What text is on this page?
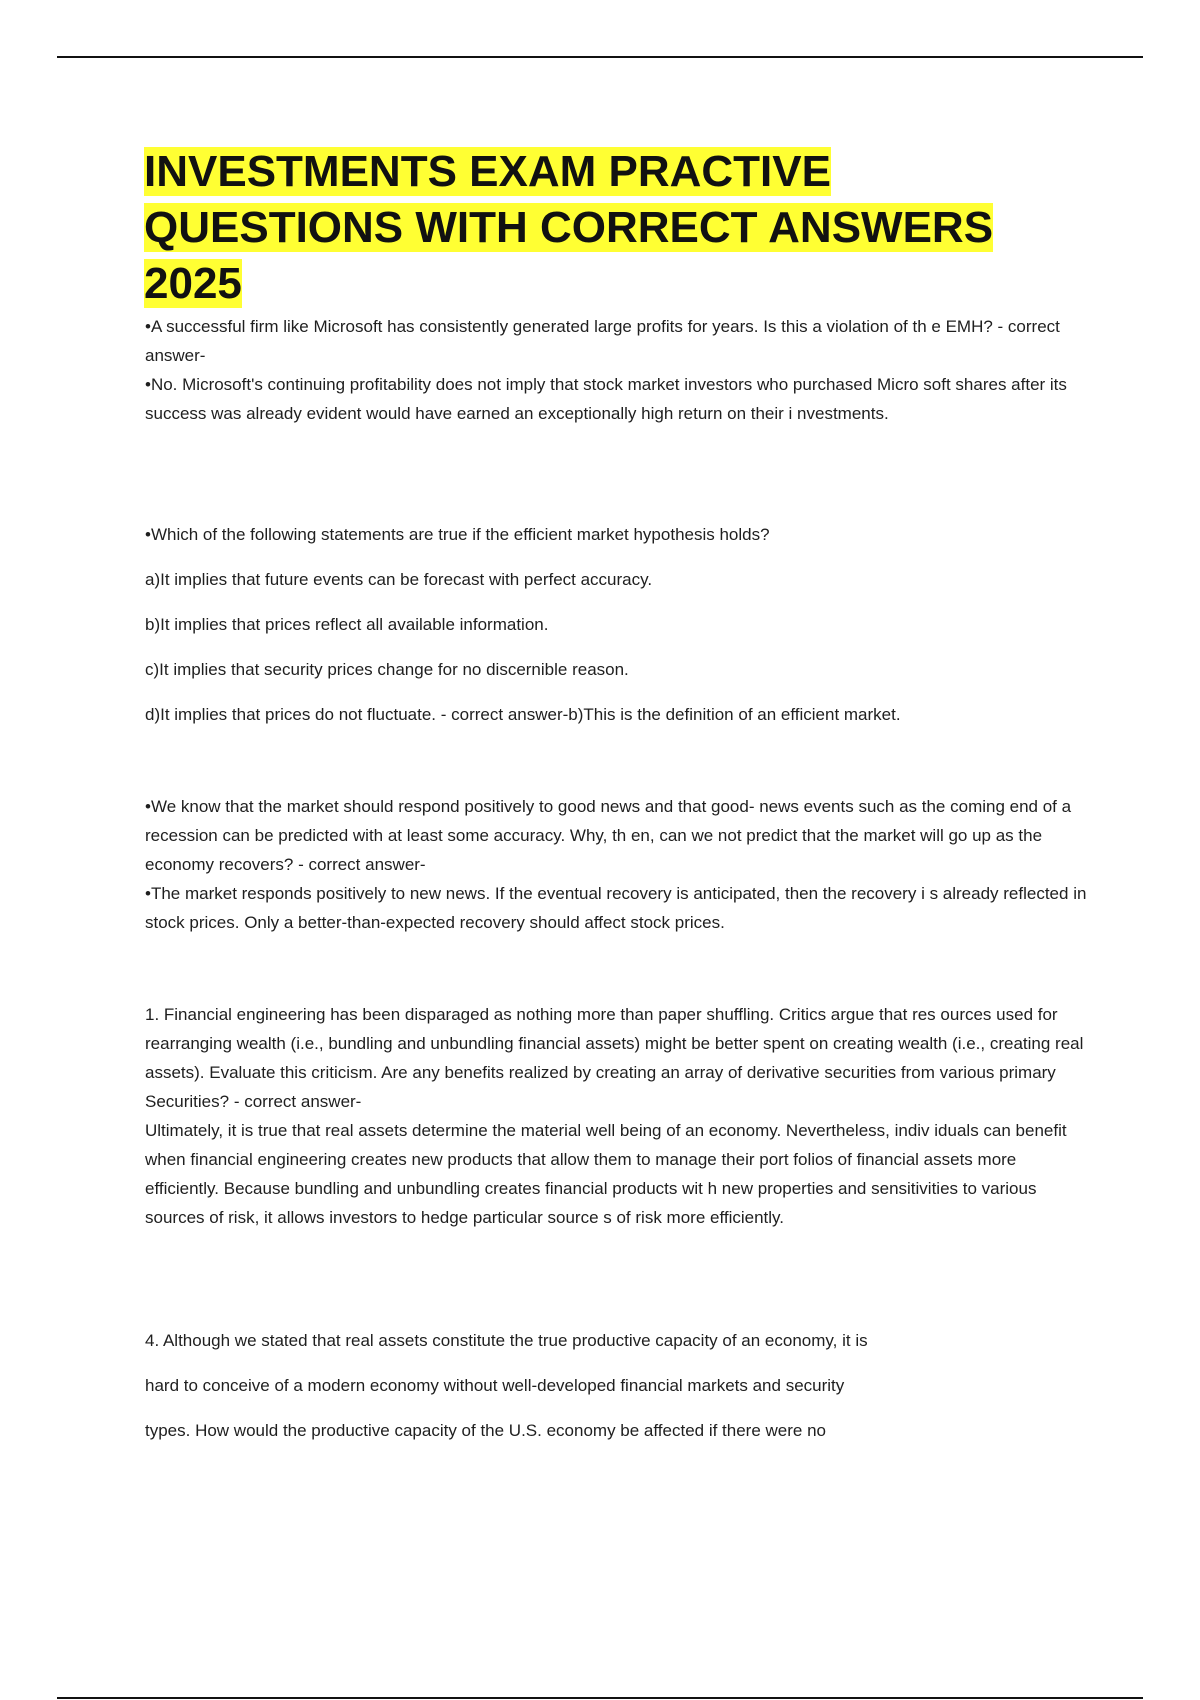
INVESTMENTS EXAM PRACTIVE QUESTIONS WITH CORRECT ANSWERS 2025

•A successful firm like Microsoft has consistently generated large profits for years. Is this a violation of th e EMH? - correct answer-

•No. Microsoft's continuing profitability does not imply that stock market investors who purchased Micro soft shares after its success was already evident would have earned an exceptionally high return on their i nvestments.

•Which of the following statements are true if the efficient market hypothesis holds?

a)It implies that future events can be forecast with perfect accuracy.

b)It implies that prices reflect all available information.

c)It implies that security prices change for no discernible reason.

d)It implies that prices do not fluctuate. - correct answer-b)This is the definition of an efficient market.

•We know that the market should respond positively to good news and that good- news events such as the coming end of a recession can be predicted with at least some accuracy. Why, th en, can we not predict that the market will go up as the economy recovers? - correct answer-

•The market responds positively to new news. If the eventual recovery is anticipated, then the recovery i s already reflected in stock prices. Only a better-than-expected recovery should affect stock prices.

1. Financial engineering has been disparaged as nothing more than paper shuffling. Critics argue that res ources used for rearranging wealth (i.e., bundling and unbundling financial assets) might be better spent on creating wealth (i.e., creating real assets). Evaluate this criticism. Are any benefits realized by creating an array of derivative securities from various primary Securities? - correct answer-

Ultimately, it is true that real assets determine the material well being of an economy. Nevertheless, indiv iduals can benefit when financial engineering creates new products that allow them to manage their port folios of financial assets more efficiently. Because bundling and unbundling creates financial products wit h new properties and sensitivities to various sources of risk, it allows investors to hedge particular source s of risk more efficiently.

4. Although we stated that real assets constitute the true productive capacity of an economy, it is

hard to conceive of a modern economy without well-developed financial markets and security

types. How would the productive capacity of the U.S. economy be affected if there were no
